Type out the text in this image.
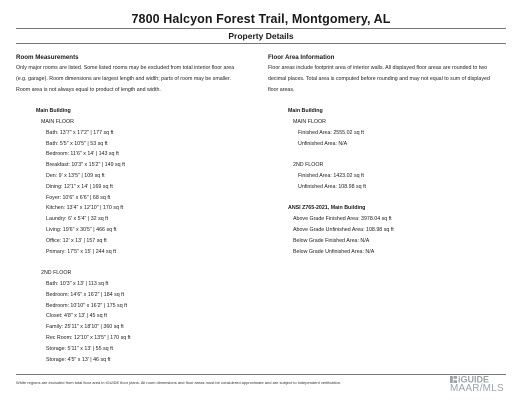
7800 Halcyon Forest Trail, Montgomery, AL
Property Details
Room Measurements
Only major rooms are listed. Some listed rooms may be excluded from total interior floor area
(e.g. garage). Room dimensions are largest length and width; parts of room may be smaller.
Room area is not always equal to product of length and width.
Main Building
MAIN FLOOR
Bath: 13'7" x 17'2" | 177 sq ft
Bath: 5'5" x 10'5" | 53 sq ft
Bedroom: 11'6" x 14' | 143 sq ft
Breakfast: 10'3" x 15'2" | 149 sq ft
Den: 9' x 13'5" | 109 sq ft
Dining: 12'1" x 14' | 169 sq ft
Foyer: 10'6" x 6'6" | 68 sq ft
Kitchen: 13'4" x 12'10" | 170 sq ft
Laundry: 6' x 5'4" | 32 sq ft
Living: 19'6" x 30'5" | 466 sq ft
Office: 12' x 13' | 157 sq ft
Primary: 17'5" x 15' | 244 sq ft
2ND FLOOR
Bath: 10'3" x 13' | 113 sq ft
Bedroom: 14'6" x 16'2" | 184 sq ft
Bedroom: 10'10" x 16'2" | 175 sq ft
Closet: 4'8" x 13' | 45 sq ft
Family: 25'11" x 18'10" | 360 sq ft
Rec Room: 12'10" x 13'5" | 170 sq ft
Storage: 5'11" x 13' | 55 sq ft
Storage: 4'5" x 13' | 46 sq ft
Floor Area Information
Floor areas include footprint area of interior walls. All displayed floor areas are rounded to two
decimal places. Total area is computed before rounding and may not equal to sum of displayed
floor areas.
Main Building
MAIN FLOOR
Finished Area: 2555.02 sq ft
Unfinished Area: N/A
2ND FLOOR
Finished Area: 1423.02 sq ft
Unfinished Area: 108.98 sq ft
ANSI Z765-2021, Main Building
Above Grade Finished Area: 3978.04 sq ft
Above Grade Unfinished Area: 108.98 sq ft
Below Grade Finished Area: N/A
Below Grade Unfinished Area: N/A
White regions are excluded from total floor area in iGUIDE floor plans. All room dimensions and floor areas must be considered approximate and are subject to independent verification.	iGUIDE
MAAR/MLS
